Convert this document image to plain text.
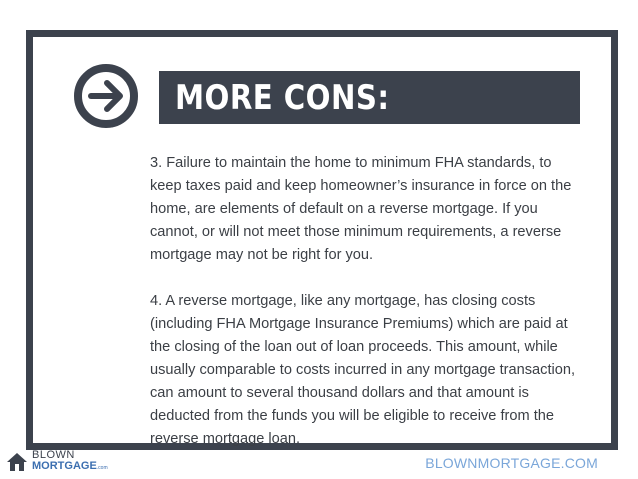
MORE CONS:

3. Failure to maintain the home to minimum FHA standards, to keep taxes paid and keep homeowner’s insurance in force on the home, are elements of default on a reverse mortgage. If you cannot, or will not meet those minimum requirements, a reverse mortgage may not be right for you.

4. A reverse mortgage, like any mortgage, has closing costs (including FHA Mortgage Insurance Premiums) which are paid at the closing of the loan out of loan proceeds. This amount, while usually comparable to costs incurred in any mortgage transaction, can amount to several thousand dollars and that amount is deducted from the funds you will be eligible to receive from the reverse mortgage loan.

BLOWN
MORTGAGE.com	BLOWNMORTGAGE.COM
